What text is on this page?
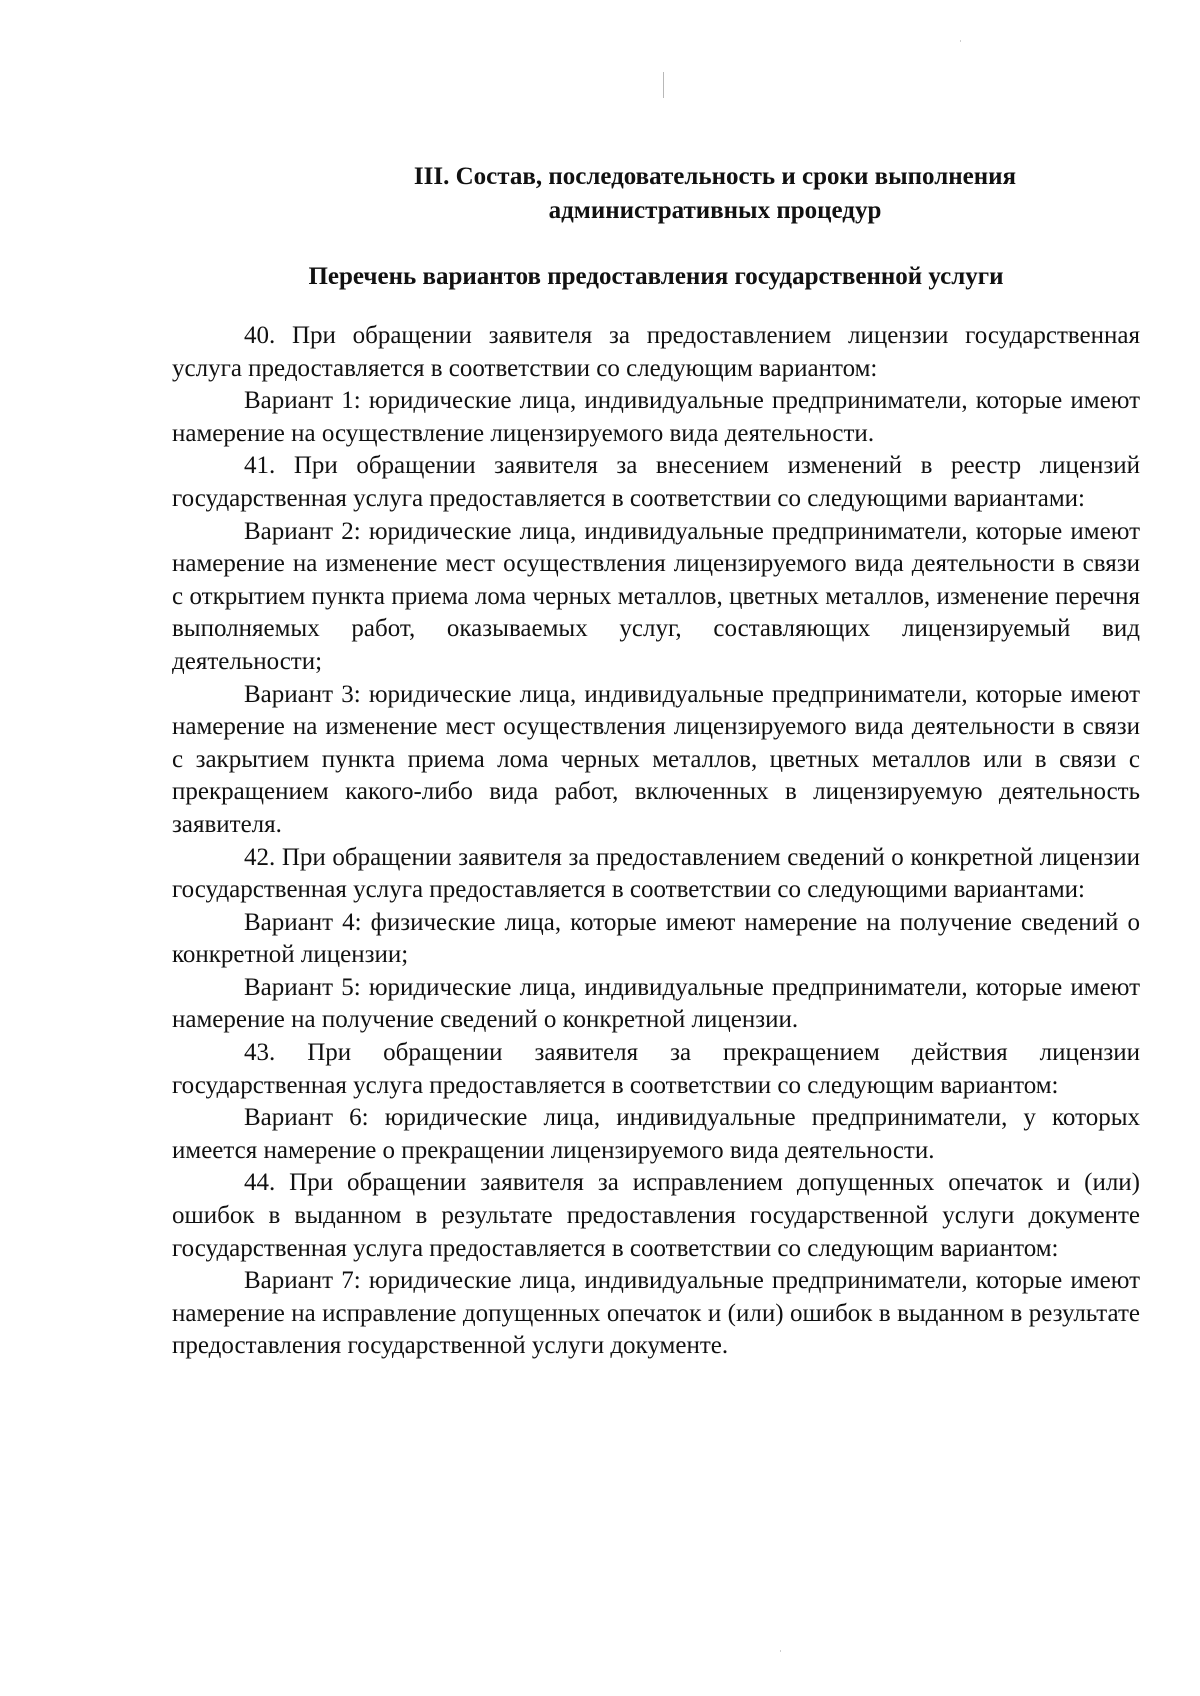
III. Состав, последовательность и сроки выполнения
административных процедур
Перечень вариантов предоставления государственной услуги

40. При обращении заявителя за предоставлением лицензии государственная услуга предоставляется в соответствии со следующим вариантом:

Вариант 1: юридические лица, индивидуальные предприниматели, которые имеют намерение на осуществление лицензируемого вида деятельности.

41. При обращении заявителя за внесением изменений в реестр лицензий государственная услуга предоставляется в соответствии со следующими вариантами:

Вариант 2: юридические лица, индивидуальные предприниматели, которые имеют намерение на изменение мест осуществления лицензируемого вида деятельности в связи с открытием пункта приема лома черных металлов, цветных металлов, изменение перечня выполняемых работ, оказываемых услуг, составляющих лицензируемый вид деятельности;

Вариант 3: юридические лица, индивидуальные предприниматели, которые имеют намерение на изменение мест осуществления лицензируемого вида деятельности в связи с закрытием пункта приема лома черных металлов, цветных металлов или в связи с прекращением какого-либо вида работ, включенных в лицензируемую деятельность заявителя.

42. При обращении заявителя за предоставлением сведений о конкретной лицензии государственная услуга предоставляется в соответствии со следующими вариантами:

Вариант 4: физические лица, которые имеют намерение на получение сведений о конкретной лицензии;

Вариант 5: юридические лица, индивидуальные предприниматели, которые имеют намерение на получение сведений о конкретной лицензии.

43. При обращении заявителя за прекращением действия лицензии государственная услуга предоставляется в соответствии со следующим вариантом:

Вариант 6: юридические лица, индивидуальные предприниматели, у которых имеется намерение о прекращении лицензируемого вида деятельности.

44. При обращении заявителя за исправлением допущенных опечаток и (или) ошибок в выданном в результате предоставления государственной услуги документе государственная услуга предоставляется в соответствии со следующим вариантом:

Вариант 7: юридические лица, индивидуальные предприниматели, которые имеют намерение на исправление допущенных опечаток и (или) ошибок в выданном в результате предоставления государственной услуги документе.
